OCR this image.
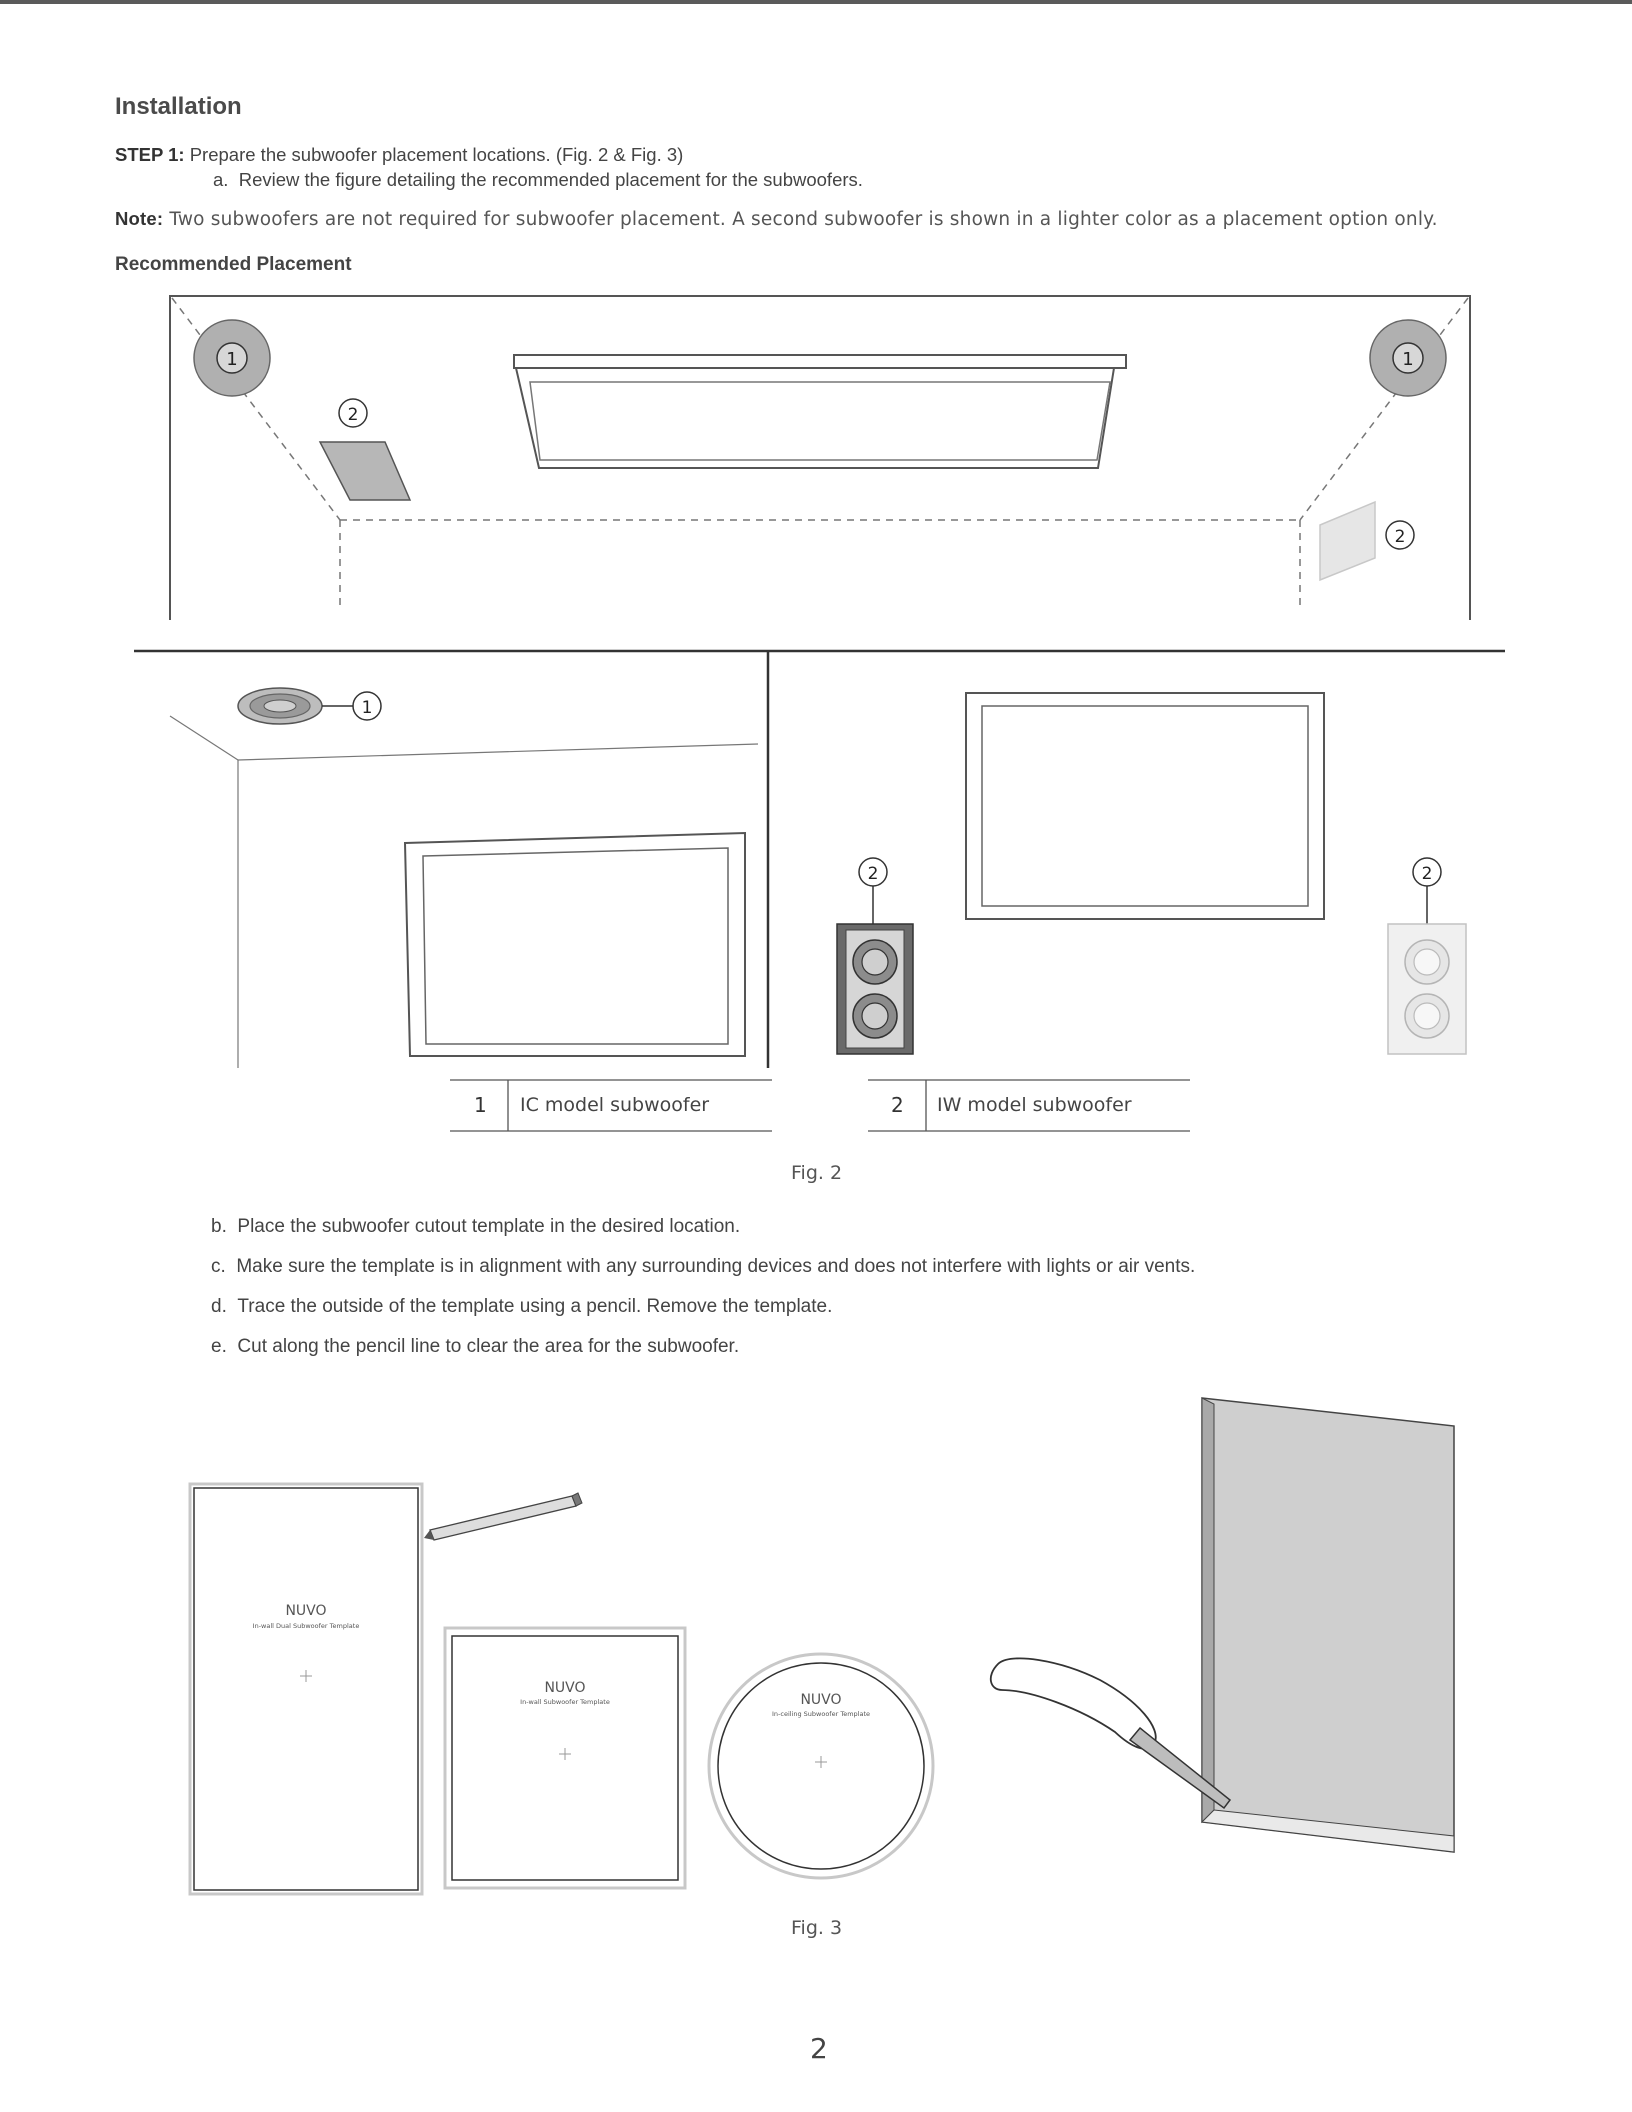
Installation
STEP 1: Prepare the subwoofer placement locations. (Fig. 2 & Fig. 3)
a.  Review the figure detailing the recommended placement for the subwoofers.
Note: Two subwoofers are not required for subwoofer placement. A second subwoofer is shown in a lighter color as a placement option only.
Recommended Placement
1	1
2
2
1
2	2
1 IC model subwoofer	2 IW model subwoofer
Fig. 2
b.  Place the subwoofer cutout template in the desired location.
c.  Make sure the template is in alignment with any surrounding devices and does not interfere with lights or air vents.
d.  Trace the outside of the template using a pencil. Remove the template.
e.  Cut along the pencil line to clear the area for the subwoofer.
NUVO
In-wall Dual Subwoofer Template
NUVO
In-wall Subwoofer Template	NUVO
In-ceiling Subwoofer Template
Fig. 3
2
